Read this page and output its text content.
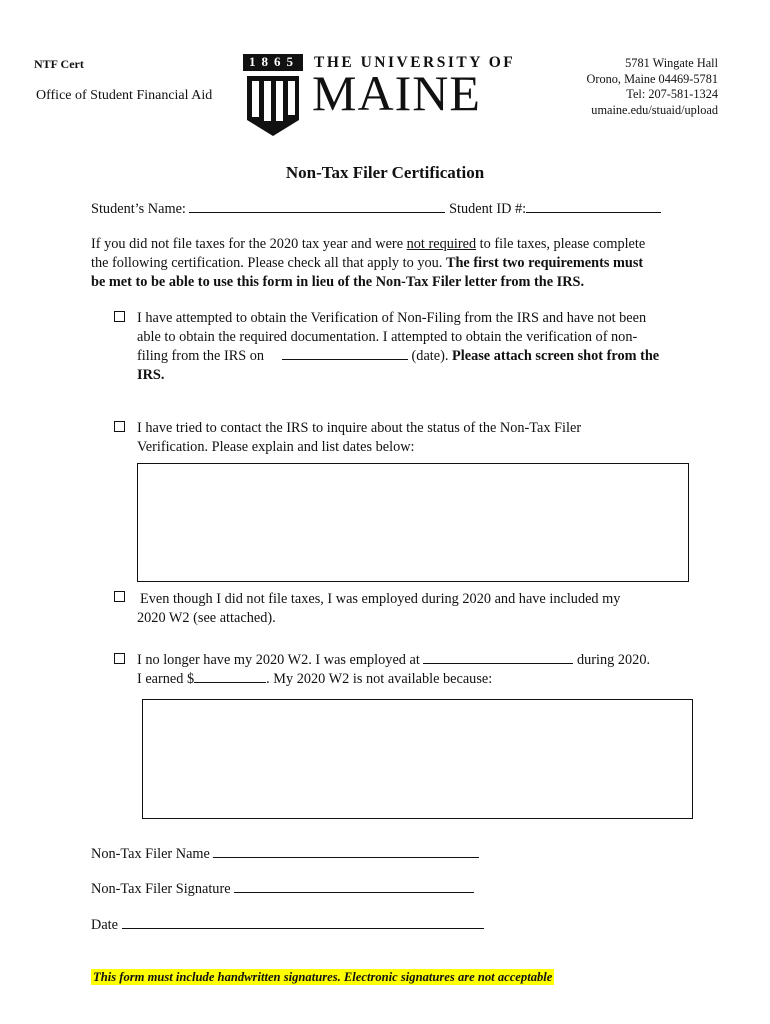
NTF Cert
Office of Student Financial Aid
1865 THE UNIVERSITY OF
MAINE
5781 Wingate Hall
Orono, Maine 04469-5781
Tel: 207-581-1324
umaine.edu/stuaid/upload
Non-Tax Filer Certification
Student’s Name:	Student ID #:
If you did not file taxes for the 2020 tax year and were not required to file taxes, please complete
the following certification. Please check all that apply to you. The first two requirements must
be met to be able to use this form in lieu of the Non-Tax Filer letter from the IRS.
I have attempted to obtain the Verification of Non-Filing from the IRS and have not been
able to obtain the required documentation. I attempted to obtain the verification of non-
filing from the IRS on	(date). Please attach screen shot from the
IRS.
I have tried to contact the IRS to inquire about the status of the Non-Tax Filer
Verification. Please explain and list dates below:
Even though I did not file taxes, I was employed during 2020 and have included my
2020 W2 (see attached).
I no longer have my 2020 W2. I was employed at	during 2020.
I earned $	. My 2020 W2 is not available because:
Non-Tax Filer Name
Non-Tax Filer Signature
Date
This form must include handwritten signatures. Electronic signatures are not acceptable
